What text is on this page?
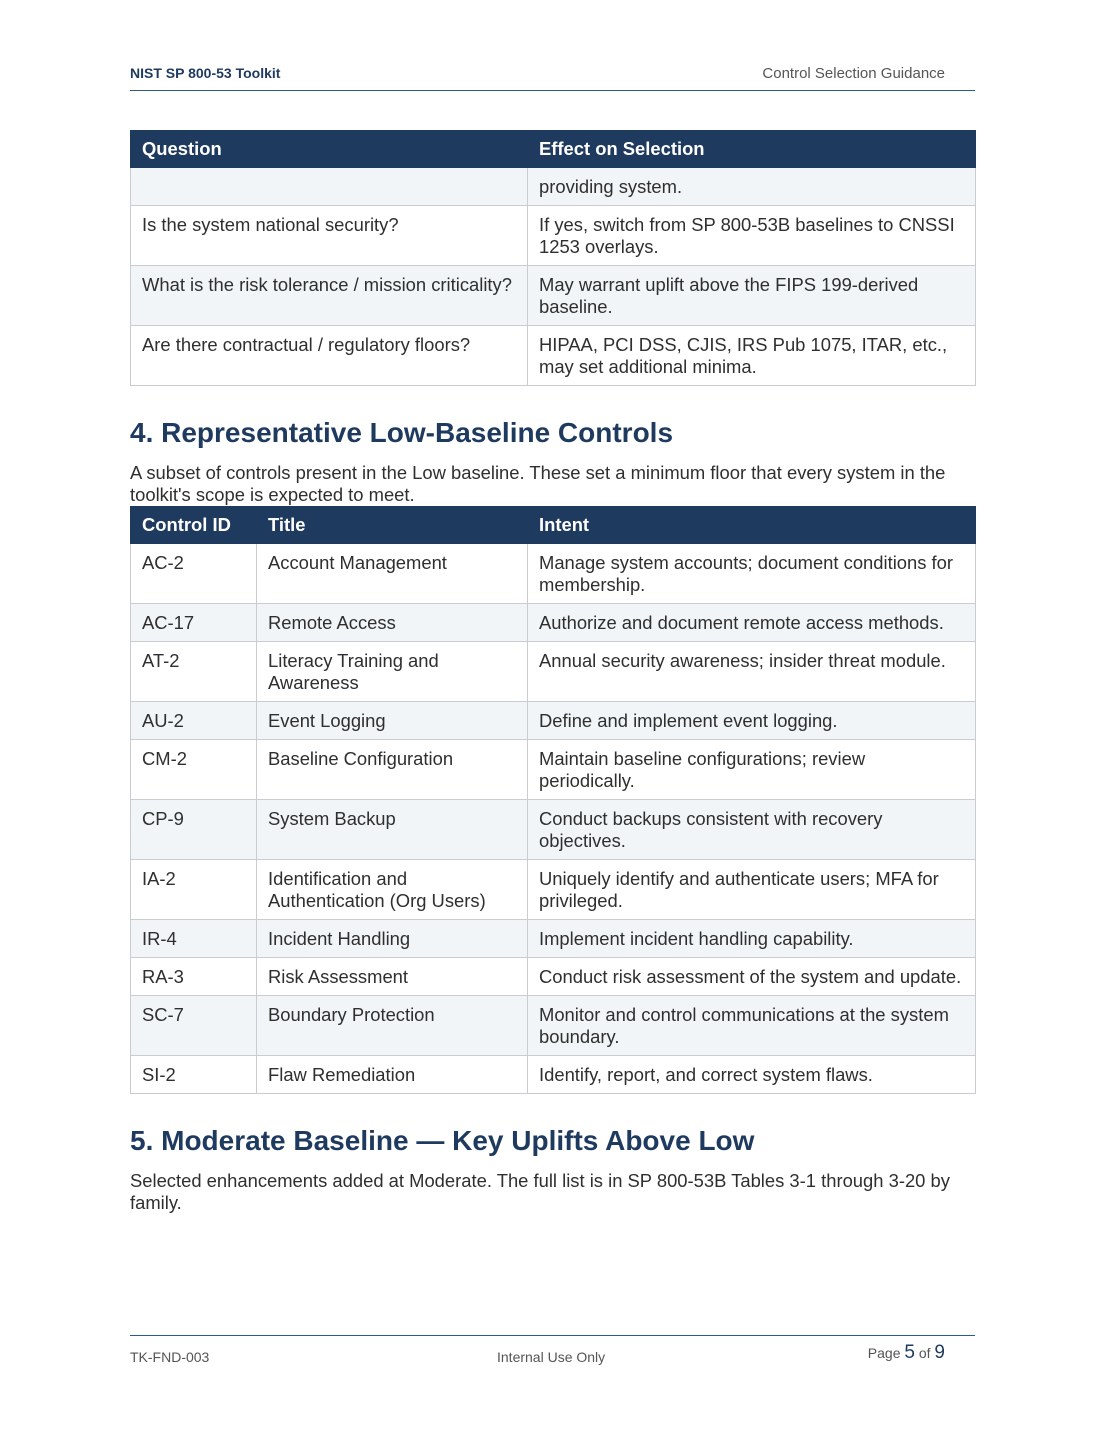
NIST SP 800-53 Toolkit	Control Selection Guidance
Question	Effect on Selection
	providing system.
Is the system national security?	If yes, switch from SP 800-53B baselines to CNSSI 1253 overlays.
What is the risk tolerance / mission criticality?	May warrant uplift above the FIPS 199-derived baseline.
Are there contractual / regulatory floors?	HIPAA, PCI DSS, CJIS, IRS Pub 1075, ITAR, etc., may set additional minima.
4. Representative Low-Baseline Controls

A subset of controls present in the Low baseline. These set a minimum floor that every system in the toolkit's scope is expected to meet.

Control ID	Title	Intent
AC-2	Account Management	Manage system accounts; document conditions for membership.
AC-17	Remote Access	Authorize and document remote access methods.
AT-2	Literacy Training and Awareness	Annual security awareness; insider threat module.
AU-2	Event Logging	Define and implement event logging.
CM-2	Baseline Configuration	Maintain baseline configurations; review periodically.
CP-9	System Backup	Conduct backups consistent with recovery objectives.
IA-2	Identification and Authentication (Org Users)	Uniquely identify and authenticate users; MFA for privileged.
IR-4	Incident Handling	Implement incident handling capability.
RA-3	Risk Assessment	Conduct risk assessment of the system and update.
SC-7	Boundary Protection	Monitor and control communications at the system boundary.
SI-2	Flaw Remediation	Identify, report, and correct system flaws.
5. Moderate Baseline — Key Uplifts Above Low

Selected enhancements added at Moderate. The full list is in SP 800-53B Tables 3-1 through 3-20 by family.

TK-FND-003	Internal Use Only	Page 5 of 9
